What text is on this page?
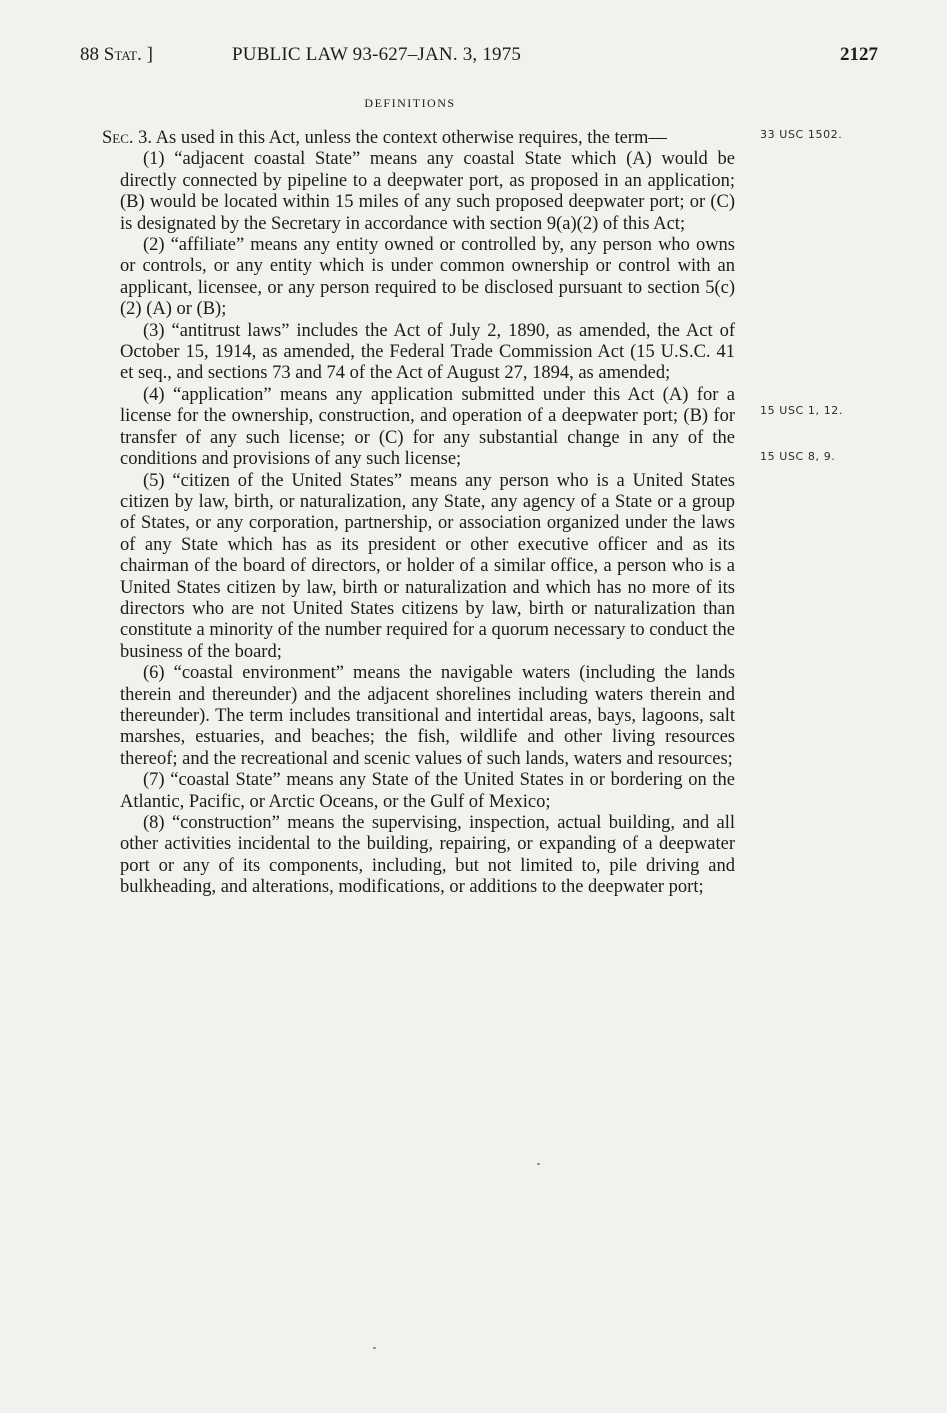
88 Stat. ]	PUBLIC LAW 93-627–JAN. 3, 1975	2127
DEFINITIONS

Sec. 3. As used in this Act, unless the context otherwise requires, the term—

(1) “adjacent coastal State” means any coastal State which (A) would be directly connected by pipeline to a deepwater port, as proposed in an application; (B) would be located within 15 miles of any such proposed deepwater port; or (C) is designated by the Secretary in accordance with section 9(a)(2) of this Act;

(2) “affiliate” means any entity owned or controlled by, any person who owns or controls, or any entity which is under common ownership or control with an applicant, licensee, or any person required to be disclosed pursuant to section 5(c)(2) (A) or (B);

(3) “antitrust laws” includes the Act of July 2, 1890, as amended, the Act of October 15, 1914, as amended, the Federal Trade Commission Act (15 U.S.C. 41 et seq., and sections 73 and 74 of the Act of August 27, 1894, as amended;

(4) “application” means any application submitted under this Act (A) for a license for the ownership, construction, and operation of a deepwater port; (B) for transfer of any such license; or (C) for any substantial change in any of the conditions and provisions of any such license;

(5) “citizen of the United States” means any person who is a United States citizen by law, birth, or naturalization, any State, any agency of a State or a group of States, or any corporation, partnership, or association organized under the laws of any State which has as its president or other executive officer and as its chairman of the board of directors, or holder of a similar office, a person who is a United States citizen by law, birth or naturalization and which has no more of its directors who are not United States citizens by law, birth or naturalization than constitute a minority of the number required for a quorum necessary to conduct the business of the board;

(6) “coastal environment” means the navigable waters (including the lands therein and thereunder) and the adjacent shorelines including waters therein and thereunder). The term includes transitional and intertidal areas, bays, lagoons, salt marshes, estuaries, and beaches; the fish, wildlife and other living resources thereof; and the recreational and scenic values of such lands, waters and resources;

(7) “coastal State” means any State of the United States in or bordering on the Atlantic, Pacific, or Arctic Oceans, or the Gulf of Mexico;

(8) “construction” means the supervising, inspection, actual building, and all other activities incidental to the building, repairing, or expanding of a deepwater port or any of its components, including, but not limited to, pile driving and bulkheading, and alterations, modifications, or additions to the deepwater port;

33 USC 1502.
15 USC 1, 12.
15 USC 8, 9.
